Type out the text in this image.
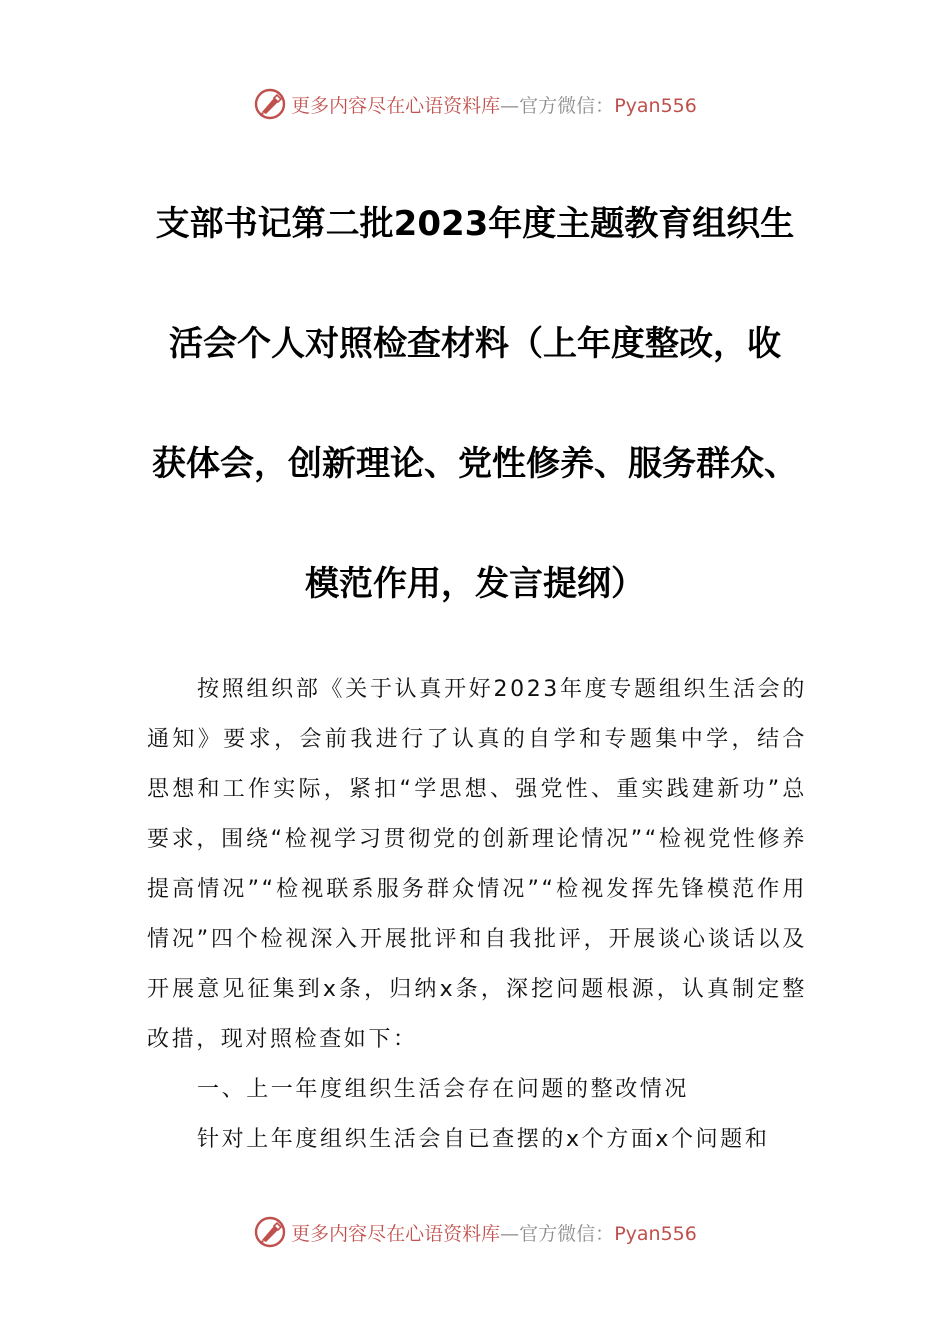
更多内容尽在心语资料库—官方微信：Pyan556
支部书记第二批2023年度主题教育组织生
活会个人对照检查材料（上年度整改，收
获体会，创新理论、党性修养、服务群众、
模范作用，发言提纲）

按照组织部《关于认真开好2023年度专题组织生活会的通知》要求，会前我进行了认真的自学和专题集中学，结合思想和工作实际，紧扣“学思想、强党性、重实践建新功”总要求，围绕“检视学习贯彻党的创新理论情况”“检视党性修养提高情况”“检视联系服务群众情况”“检视发挥先锋模范作用情况”四个检视深入开展批评和自我批评，开展谈心谈话以及开展意见征集到x条，归纳x条，深挖问题根源，认真制定整改措，现对照检查如下：

一、上一年度组织生活会存在问题的整改情况

针对上年度组织生活会自已查摆的x个方面x个问题和

更多内容尽在心语资料库—官方微信：Pyan556
